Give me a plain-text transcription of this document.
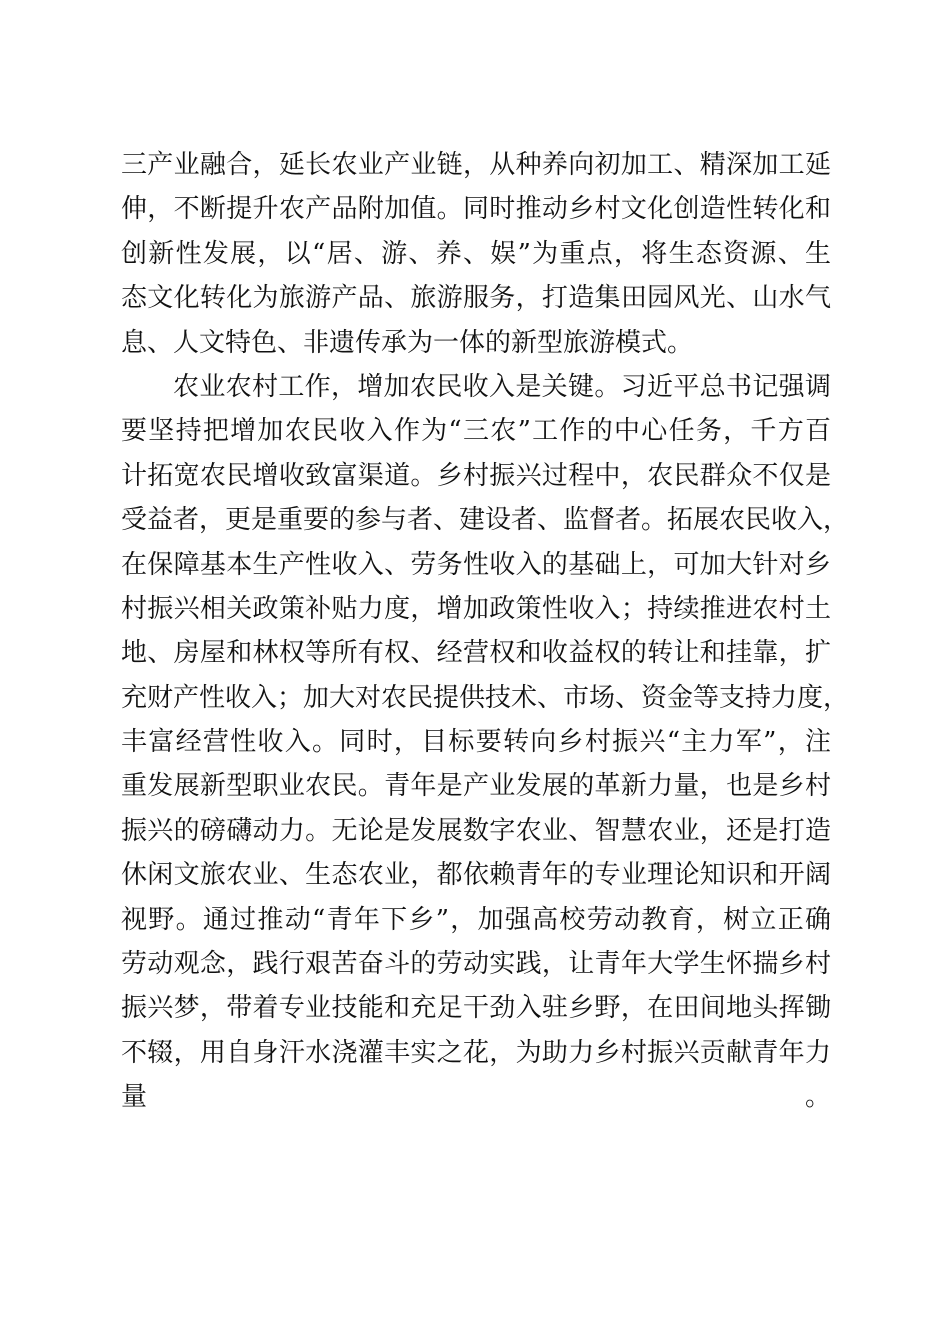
三产业融合，延长农业产业链，从种养向初加工、精深加工延
伸，不断提升农产品附加值。同时推动乡村文化创造性转化和
创新性发展，以“居、游、养、娱”为重点，将生态资源、生
态文化转化为旅游产品、旅游服务，打造集田园风光、山水气
息、人文特色、非遗传承为一体的新型旅游模式。
农业农村工作，增加农民收入是关键。习近平总书记强调
要坚持把增加农民收入作为“三农”工作的中心任务，千方百
计拓宽农民增收致富渠道。乡村振兴过程中，农民群众不仅是
受益者，更是重要的参与者、建设者、监督者。拓展农民收入，
在保障基本生产性收入、劳务性收入的基础上，可加大针对乡
村振兴相关政策补贴力度，增加政策性收入；持续推进农村土
地、房屋和林权等所有权、经营权和收益权的转让和挂靠，扩
充财产性收入；加大对农民提供技术、市场、资金等支持力度，
丰富经营性收入。同时，目标要转向乡村振兴“主力军”，注
重发展新型职业农民。青年是产业发展的革新力量，也是乡村
振兴的磅礴动力。无论是发展数字农业、智慧农业，还是打造
休闲文旅农业、生态农业，都依赖青年的专业理论知识和开阔
视野。通过推动“青年下乡”，加强高校劳动教育，树立正确
劳动观念，践行艰苦奋斗的劳动实践，让青年大学生怀揣乡村
振兴梦，带着专业技能和充足干劲入驻乡野，在田间地头挥锄
不辍，用自身汗水浇灌丰实之花，为助力乡村振兴贡献青年力
量。
